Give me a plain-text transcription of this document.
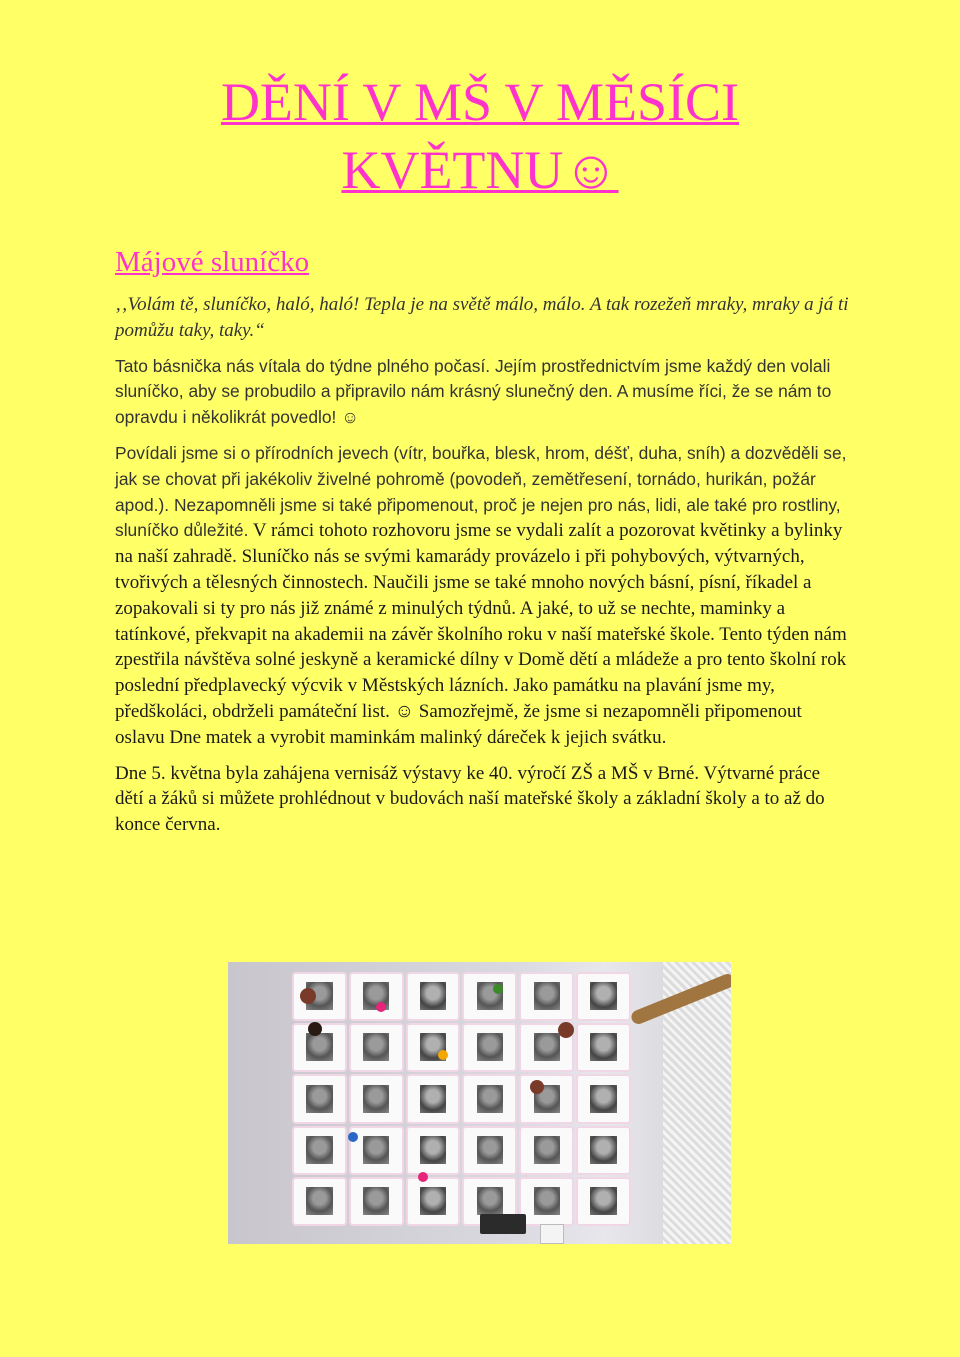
DĚNÍ V MŠ V MĚSÍCI
KVĚTNU☺
Májové sluníčko

‚‚Volám tě, sluníčko, haló, haló! Tepla je na světě málo, málo. A tak rozežeň mraky, mraky a já ti pomůžu taky, taky.“

Tato básnička nás vítala do týdne plného počasí. Jejím prostřednictvím jsme každý den volali sluníčko, aby se probudilo a připravilo nám krásný slunečný den. A musíme říci, že se nám to opravdu i několikrát povedlo! ☺

Povídali jsme si o přírodních jevech (vítr, bouřka, blesk, hrom, déšť, duha, sníh) a dozvěděli se, jak se chovat při jakékoliv živelné pohromě (povodeň, zemětřesení, tornádo, hurikán, požár apod.). Nezapomněli jsme si také připomenout, proč je nejen pro nás, lidi, ale také pro rostliny, sluníčko důležité. V rámci tohoto rozhovoru jsme se vydali zalít a pozorovat květinky a bylinky na naší zahradě. Sluníčko nás se svými kamarády provázelo i při pohybových, výtvarných, tvořivých a tělesných činnostech. Naučili jsme se také mnoho nových básní, písní, říkadel a zopakovali si ty pro nás již známé z minulých týdnů. A jaké, to už se nechte, maminky a tatínkové, překvapit na akademii na závěr školního roku v naší mateřské škole. Tento týden nám zpestřila návštěva solné jeskyně a keramické dílny v Domě dětí a mládeže a pro tento školní rok poslední předplavecký výcvik v Městských lázních. Jako památku na plavání jsme my, předškoláci, obdrželi památeční list. ☺ Samozřejmě, že jsme si nezapomněli připomenout oslavu Dne matek a vyrobit maminkám malinký dáreček k jejich svátku.

Dne 5. května byla zahájena vernisáž výstavy ke 40. výročí ZŠ a MŠ v Brné. Výtvarné práce dětí a žáků si můžete prohlédnout v budovách naší mateřské školy a základní školy a to až do konce června.
